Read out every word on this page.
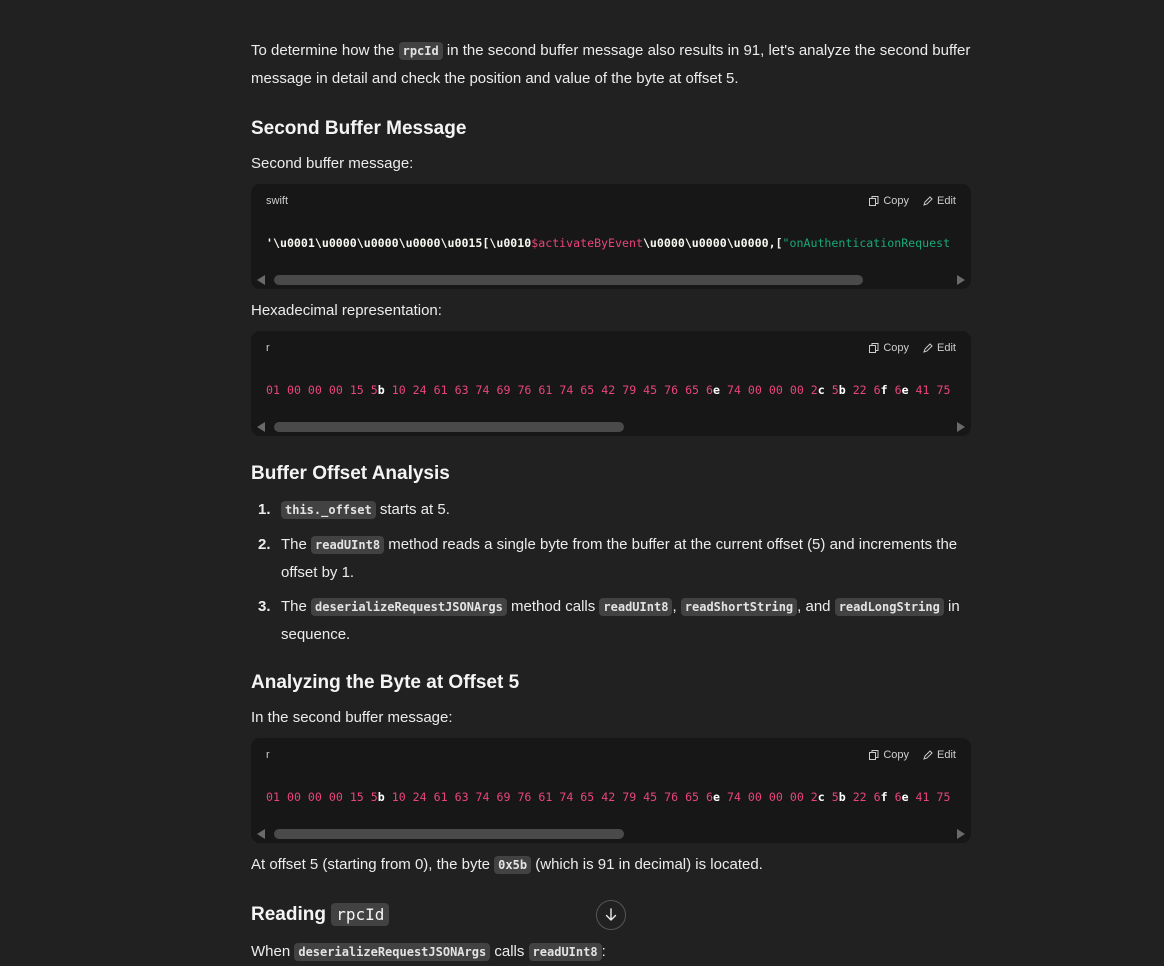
To determine how the rpcId in the second buffer message also results in 91, let's analyze the second buffer message in detail and check the position and value of the byte at offset 5.

Second Buffer Message

Second buffer message:

swift	Copy	Edit
'\u0001\u0000\u0000\u0000\u0015[\u0010$activateByEvent\u0000\u0000\u0000,["onAuthenticationRequest

Hexadecimal representation:

r	Copy	Edit
01 00 00 00 15 5b 10 24 61 63 74 69 76 61 74 65 42 79 45 76 65 6e 74 00 00 00 2c 5b 22 6f 6e 41 75
Buffer Offset Analysis
1. this._offset starts at 5.
2. The readUInt8 method reads a single byte from the buffer at the current offset (5) and increments the offset by 1.
3. The deserializeRequestJSONArgs method calls readUInt8 , readShortString , and readLongString in sequence.
Analyzing the Byte at Offset 5

In the second buffer message:

r	Copy	Edit
01 00 00 00 15 5b 10 24 61 63 74 69 76 61 74 65 42 79 45 76 65 6e 74 00 00 00 2c 5b 22 6f 6e 41 75

At offset 5 (starting from 0), the byte 0x5b (which is 91 in decimal) is located.

Reading rpcId

When deserializeRequestJSONArgs calls readUInt8 :
